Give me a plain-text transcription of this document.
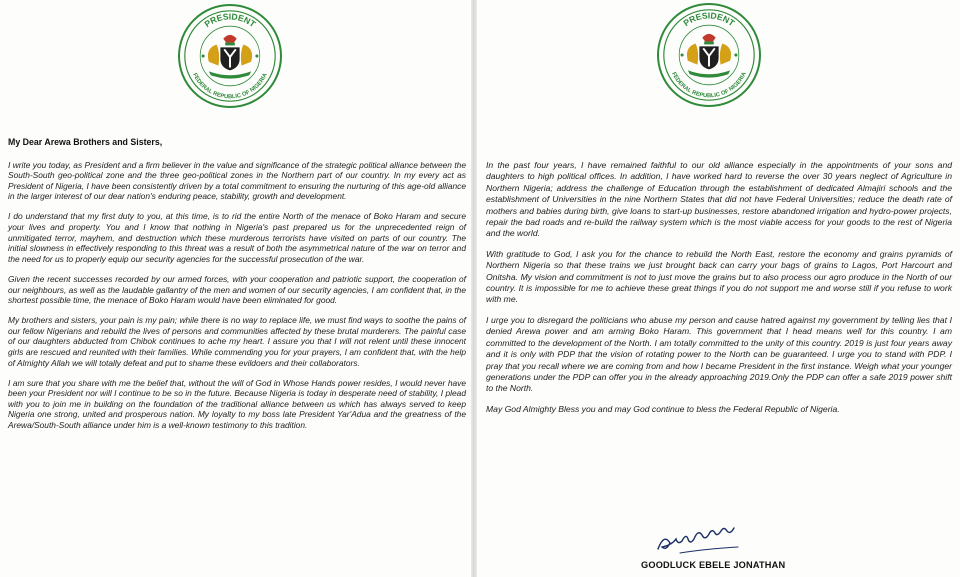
PRESIDENT
FEDERAL REPUBLIC OF NIGERIA
PRESIDENT
FEDERAL REPUBLIC OF NIGERIA
My Dear Arewa Brothers and Sisters,

I write you today, as President and a firm believer in the value and significance of the strategic political alliance between the South-South geo-political zone and the three geo-political zones in the Northern part of our country. In my every act as President of Nigeria, I have been consistently driven by a total commitment to ensuring the nurturing of this age-old alliance in the larger interest of our dear nation's enduring peace, stability, growth and development.

I do understand that my first duty to you, at this time, is to rid the entire North of the menace of Boko Haram and secure your lives and property. You and I know that nothing in Nigeria's past prepared us for the unprecedented reign of unmitigated terror, mayhem, and destruction which these murderous terrorists have visited on parts of our country. The initial slowness in effectively responding to this threat was a result of both the asymmetrical nature of the war on terror and the need for us to properly equip our security agencies for the successful prosecution of the war.

Given the recent successes recorded by our armed forces, with your cooperation and patriotic support, the cooperation of our neighbours, as well as the laudable gallantry of the men and women of our security agencies, I am confident that, in the shortest possible time, the menace of Boko Haram would have been eliminated for good.

My brothers and sisters, your pain is my pain; while there is no way to replace life, we must find ways to soothe the pains of our fellow Nigerians and rebuild the lives of persons and communities affected by these brutal murderers. The painful case of our daughters abducted from Chibok continues to ache my heart. I assure you that I will not relent until these innocent girls are rescued and reunited with their families. While commending you for your prayers, I am confident that, with the help of Almighty Allah we will totally defeat and put to shame these evildoers and their collaborators.

I am sure that you share with me the belief that, without the will of God in Whose Hands power resides, I would never have been your President nor will I continue to be so in the future. Because Nigeria is today in desperate need of stability, I plead with you to join me in building on the foundation of the traditional alliance between us which has always served to keep Nigeria one strong, united and prosperous nation. My loyalty to my boss late President Yar'Adua and the greatness of the Arewa/South-South alliance under him is a well-known testimony to this tradition.

In the past four years, I have remained faithful to our old alliance especially in the appointments of your sons and daughters to high political offices. In addition, I have worked hard to reverse the over 30 years neglect of Agriculture in Northern Nigeria; address the challenge of Education through the establishment of dedicated Almajiri schools and the establishment of Universities in the nine Northern States that did not have Federal Universities; reduce the death rate of mothers and babies during birth, give loans to start-up businesses, restore abandoned irrigation and hydro-power projects, repair the bad roads and re-build the railway system which is the most viable access for your goods to the rest of Nigeria and the world.

With gratitude to God, I ask you for the chance to rebuild the North East, restore the economy and grains pyramids of Northern Nigeria so that these trains we just brought back can carry your bags of grains to Lagos, Port Harcourt and Onitsha. My vision and commitment is not to just move the grains but to also process our agro produce in the North of our country. It is impossible for me to achieve these great things if you do not support me and worse still if you refuse to work with me.

I urge you to disregard the politicians who abuse my person and cause hatred against my government by telling lies that I denied Arewa power and am arming Boko Haram. This government that I head means well for this country. I am committed to the development of the North. I am totally committed to the unity of this country. 2019 is just four years away and it is only with PDP that the vision of rotating power to the North can be guaranteed. I urge you to stand with PDP. I pray that you recall where we are coming from and how I became President in the first instance. Weigh what your younger generations under the PDP can offer you in the already approaching 2019.Only the PDP can offer a safe 2019 power shift to the North.

May God Almighty Bless you and may God continue to bless the Federal Republic of Nigeria.

GOODLUCK EBELE JONATHAN
